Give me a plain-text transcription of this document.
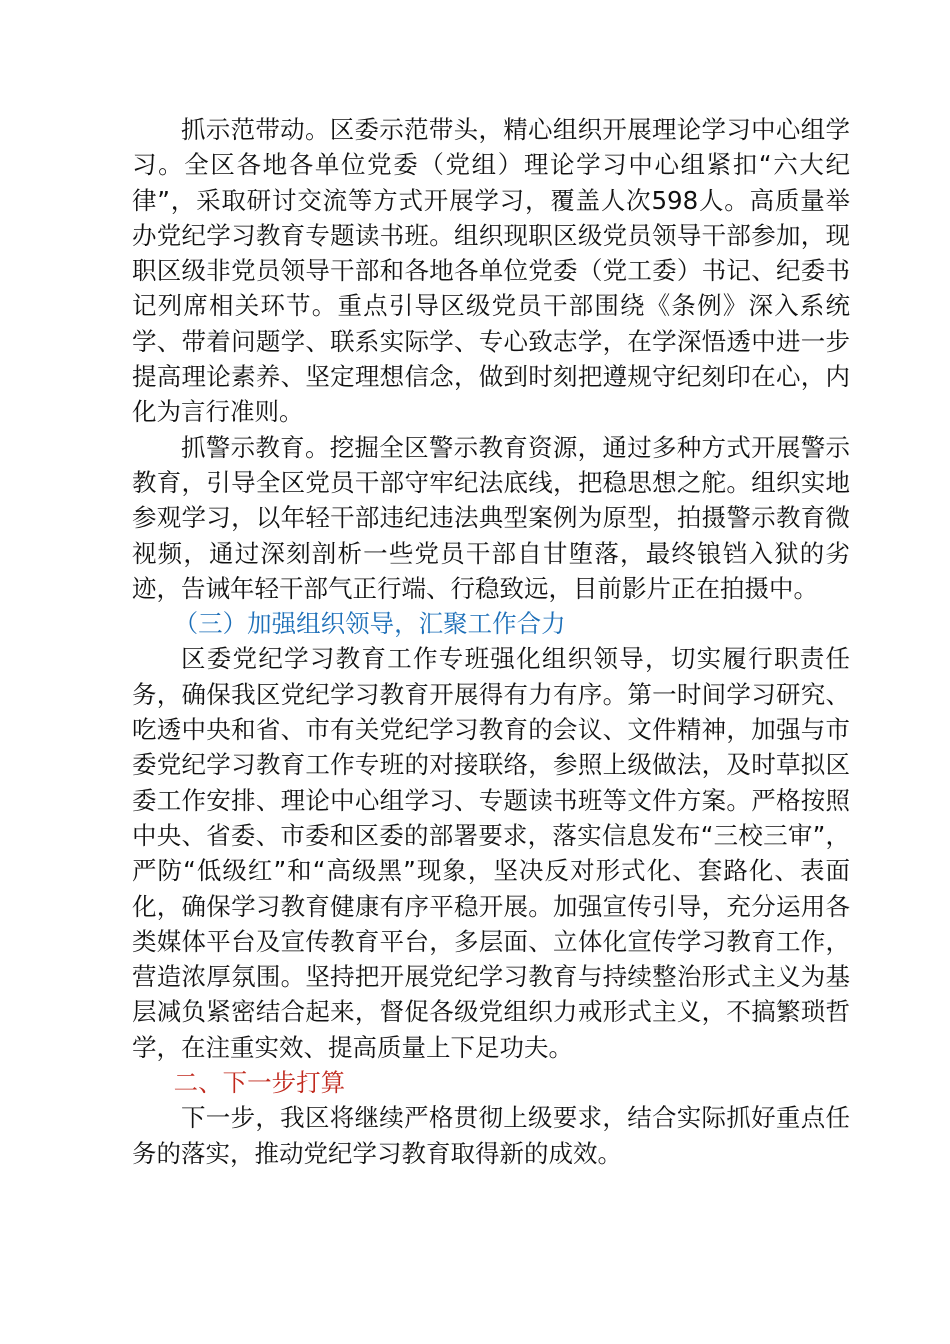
抓示范带动。区委示范带头，精心组织开展理论学习中心组学习。全区各地各单位党委（党组）理论学习中心组紧扣“六大纪律”，采取研讨交流等方式开展学习，覆盖人次598人。高质量举办党纪学习教育专题读书班。组织现职区级党员领导干部参加，现职区级非党员领导干部和各地各单位党委（党工委）书记、纪委书记列席相关环节。重点引导区级党员干部围绕《条例》深入系统学、带着问题学、联系实际学、专心致志学，在学深悟透中进一步提高理论素养、坚定理想信念，做到时刻把遵规守纪刻印在心，内化为言行准则。

抓警示教育。挖掘全区警示教育资源，通过多种方式开展警示教育，引导全区党员干部守牢纪法底线，把稳思想之舵。组织实地参观学习，以年轻干部违纪违法典型案例为原型，拍摄警示教育微视频，通过深刻剖析一些党员干部自甘堕落，最终锒铛入狱的劣迹，告诫年轻干部气正行端、行稳致远，目前影片正在拍摄中。

（三）加强组织领导，汇聚工作合力

区委党纪学习教育工作专班强化组织领导，切实履行职责任务，确保我区党纪学习教育开展得有力有序。第一时间学习研究、吃透中央和省、市有关党纪学习教育的会议、文件精神，加强与市委党纪学习教育工作专班的对接联络，参照上级做法，及时草拟区委工作安排、理论中心组学习、专题读书班等文件方案。严格按照中央、省委、市委和区委的部署要求，落实信息发布“三校三审”，严防“低级红”和“高级黑”现象，坚决反对形式化、套路化、表面化，确保学习教育健康有序平稳开展。加强宣传引导，充分运用各类媒体平台及宣传教育平台，多层面、立体化宣传学习教育工作，营造浓厚氛围。坚持把开展党纪学习教育与持续整治形式主义为基层减负紧密结合起来，督促各级党组织力戒形式主义，不搞繁琐哲学，在注重实效、提高质量上下足功夫。

二、下一步打算

下一步，我区将继续严格贯彻上级要求，结合实际抓好重点任务的落实，推动党纪学习教育取得新的成效。
